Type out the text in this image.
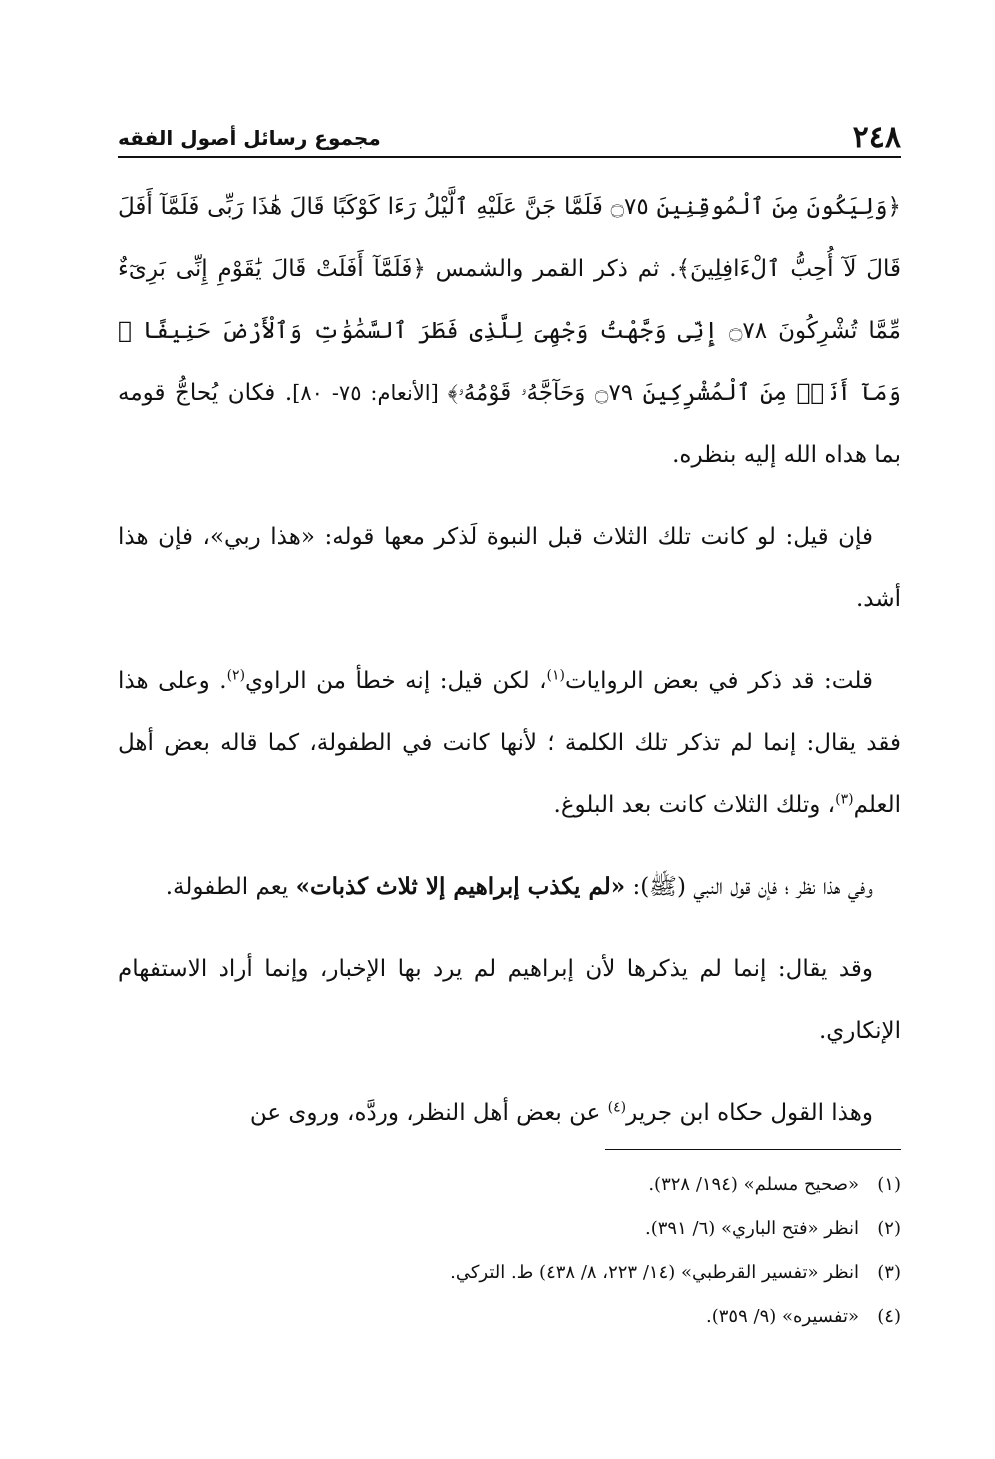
٢٤٨
مجموع رسائل أصول الفقه

﴿وَلِيَكُونَ مِنَ ٱلْمُوقِنِينَ ۝٧٥ فَلَمَّا جَنَّ عَلَيْهِ ٱلَّيْلُ رَءَا كَوْكَبًا قَالَ هَٰذَا رَبِّى فَلَمَّآ أَفَلَ قَالَ لَآ أُحِبُّ ٱلْءَافِلِينَ﴾. ثم ذكر القمر والشمس ﴿فَلَمَّآ أَفَلَتْ قَالَ يَٰقَوْمِ إِنِّى بَرِىٓءٌ مِّمَّا تُشْرِكُونَ ۝٧٨ إِنِّى وَجَّهْتُ وَجْهِىَ لِلَّذِى فَطَرَ ٱلسَّمَٰوَٰتِ وَٱلْأَرْضَ حَنِيفًا ۖ وَمَآ أَنَا۠ مِنَ ٱلْمُشْرِكِينَ ۝٧٩ وَحَآجَّهُۥ قَوْمُهُۥ﴾ [الأنعام: ٧٥- ٨٠]. فكان يُحاجُّ قومه بما هداه الله إليه بنظره.

فإن قيل: لو كانت تلك الثلاث قبل النبوة لَذكر معها قوله: «هذا ربي»، فإن هذا أشد.

قلت: قد ذكر في بعض الروايات$^{(١)}$، لكن قيل: إنه خطأ من الراوي$^{(٢)}$. وعلى هذا فقد يقال: إنما لم تذكر تلك الكلمة ؛ لأنها كانت في الطفولة، كما قاله بعض أهل العلم$^{(٣)}$، وتلك الثلاث كانت بعد البلوغ.

وفي هذا نظر ؛ فإن قول النبي (ﷺ): «لم يكذب إبراهيم إلا ثلاث كذبات» يعم الطفولة.

وقد يقال: إنما لم يذكرها لأن إبراهيم لم يرد بها الإخبار، وإنما أراد الاستفهام الإنكاري.

وهذا القول حكاه ابن جرير$^{(٤)}$ عن بعض أهل النظر، وردَّه، وروى عن

(١)«صحيح مسلم» (١٩٤/ ٣٢٨).
(٢)انظر «فتح الباري» (٦/ ٣٩١).
(٣)انظر «تفسير القرطبي» (١٤/ ٢٢٣، ٨/ ٤٣٨) ط. التركي.
(٤)«تفسيره» (٩/ ٣٥٩).
